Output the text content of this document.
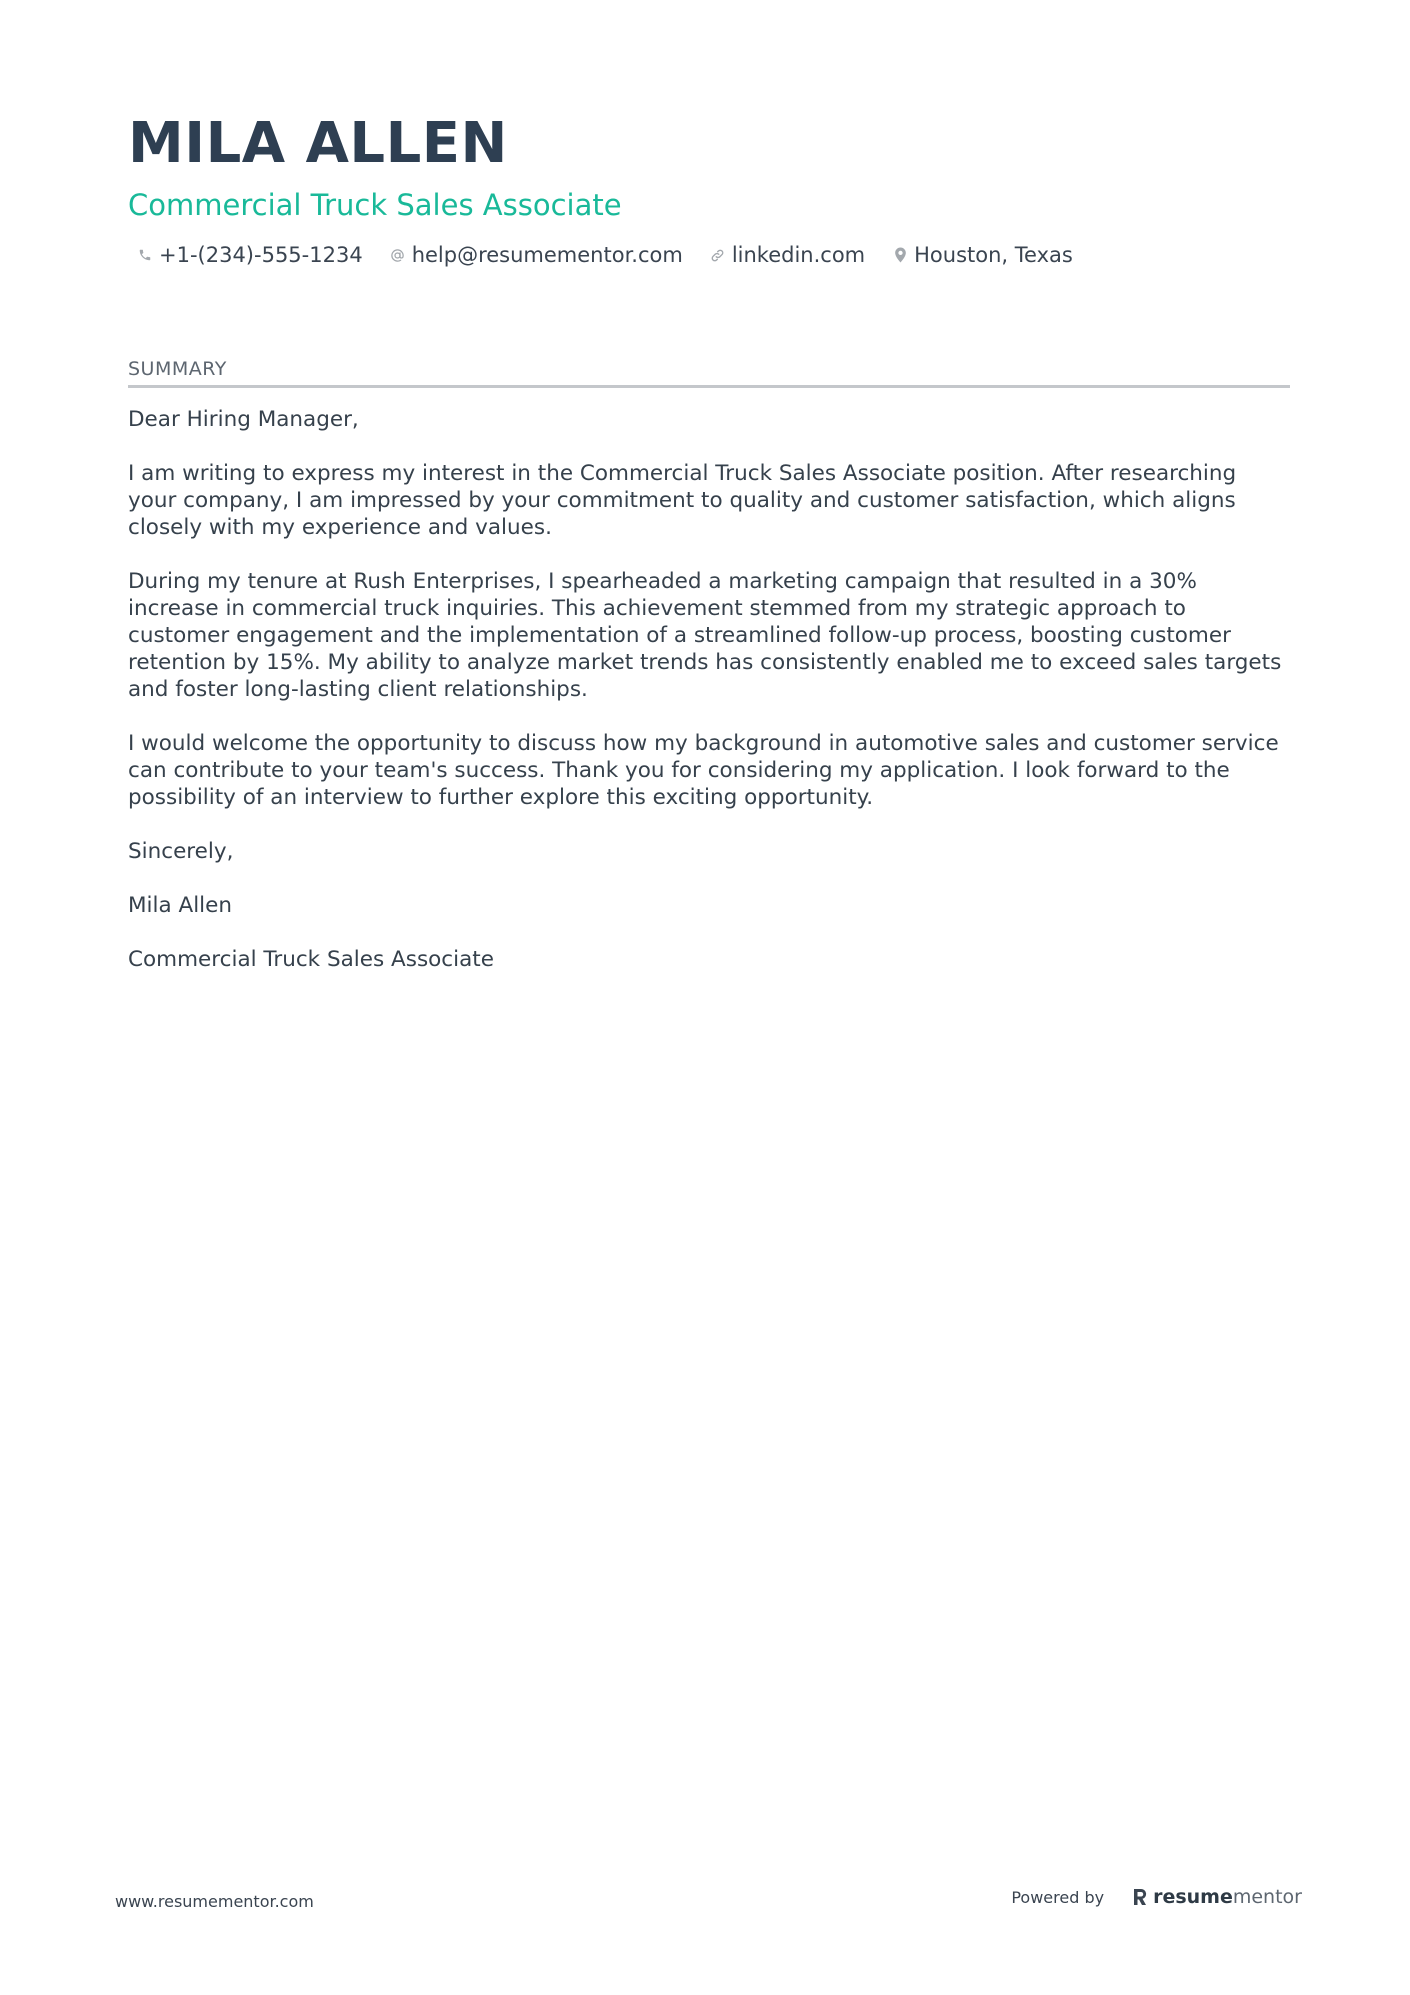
MILA ALLEN
Commercial Truck Sales Associate
+1-(234)-555-1234 help@resumementor.com linkedin.com Houston, Texas
SUMMARY

Dear Hiring Manager,

I am writing to express my interest in the Commercial Truck Sales Associate position. After researching your company, I am impressed by your commitment to quality and customer satisfaction, which aligns closely with my experience and values.

During my tenure at Rush Enterprises, I spearheaded a marketing campaign that resulted in a 30% increase in commercial truck inquiries. This achievement stemmed from my strategic approach to customer engagement and the implementation of a streamlined follow-up process, boosting customer retention by 15%. My ability to analyze market trends has consistently enabled me to exceed sales targets and foster long-lasting client relationships.

I would welcome the opportunity to discuss how my background in automotive sales and customer service can contribute to your team's success. Thank you for considering my application. I look forward to the possibility of an interview to further explore this exciting opportunity.

Sincerely,

Mila Allen

Commercial Truck Sales Associate

www.resumementor.com	Powered by	resume mentor
